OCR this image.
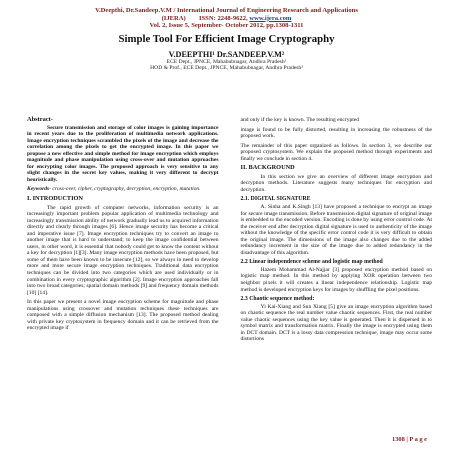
V.Deepthi, Dr.Sandeep.V.M / International Journal of Engineering Research and Applications
(IJERA) ISSN: 2248-9622, www.ijera.com
Vol. 2, Issue 5, September- October 2012, pp.1308-1311
Simple Tool For Efficient Image Cryptography
V.DEEPTHI¹ Dr.SANDEEP.V.M²
ECE Dept., JPNCE, Mahabubnagar, Andhra Pradesh¹
HOD & Prof., ECE Dept., JPNCE, Mahabubnagar, Andhra Pradesh²
Abstract-

Secure transmission and storage of color images is gaining importance in recent years due to the proliferation of multimedia network applications. Image encryption techniques scrambled the pixels of the image and decrease the correlation among the pixels to get the encrypted image. In this paper we propose a new effective and simple method for image encryption which employs magnitude and phase manipulation using cross-over and mutation approaches for encrypting color images. The proposed approach is very sensitive to any slight changes in the secret key values, making it very different to decrypt heuristically.

Keywords- cross-over, cipher, cryptography, decryption, encryption, mutation.

I. INTRODUCTION

The rapid growth of computer networks, information security is an increasingly important problem popular application of multimedia technology and increasingly transmission ability of network gradually lead us to acquired information directly and clearly through images [6]. Hence image security has become a critical and imperative issue [7]. Image encryption techniques try to convert an image to another image that is hard to understand; to keep the image confidential between users, in other word, it is essential that nobody could get to know the content without a key for decryption [1][3]. Many image encryption methods have been proposed, but some of them have been known to be insecure [12], so we always in need to develop more and more secure image encryption techniques. Traditional data encryption techniques can be divided into two categories which are used individually or in combination in every cryptographic algorithm [2]. Image encryption approaches fall into two broad categories; spatial domain methods [9] and frequency domain methods [10] [14].

In this paper we present a novel image encryption scheme for magnitude and phase manipulations using crossover and mutation techniques these techniques are composed with a simple diffusion mechanism [13]. The proposed method dealing with private key cryptosystem in frequency domain and it can be retrieved from the encrypted image if

and only if the key is known. The resulting encrypted

image is found to be fully distorted, resulting in increasing the robustness of the proposed work.

The remainder of this paper organized as follows. In section 3, we describe our proposed cryptosystem. We explain the proposed method through experiments and finally we conclude in section 4.

II. BACKGROUND

In this section we give an overview of different image encryption and decryption methods. Literature suggests many techniques for encryption and decryption.

2.1. DIGITAL SIGNATURE

A. Sinha and K.Singh [13] have proposed a technique to encrypt an image for secure image transmission. Before transmission digital signature of original image is embedded to the encoded version. Encoding is done by using error control code. At the receiver end after decryption digital signature is used to authenticity of the image without the knowledge of the specific error control code it is very difficult to obtain the original image. The dimensions of the image also changes due to the added redundancy increment in the size of the image due to added redundancy in the disadvantage of this algorithm.

2.2 Linear independence scheme and logistic map method

Hazem Mohammad Al-Najjar [3] proposed encryption method based on logistic map method. In this method by applying XOR operation between two neighbor pixels it will creates a linear independence relationship. Logistic map method is developed encryption keys for images by shuffling the pixel positions.

2.3 Chaotic sequence method:

Yi Kai-Xiang and Sun Xiang [5] give an image encryption algorithm based on chaotic sequence the real number value chaotic sequences. First, the real number value chaotic sequences using the key value is generated. Then it is dispersed in to symbol matrix and transformation matrix. Finally the image is encrypted using them in DCT domain. DCT is a lossy data compression technique, image may occur some distortions

1308 | P a g e
